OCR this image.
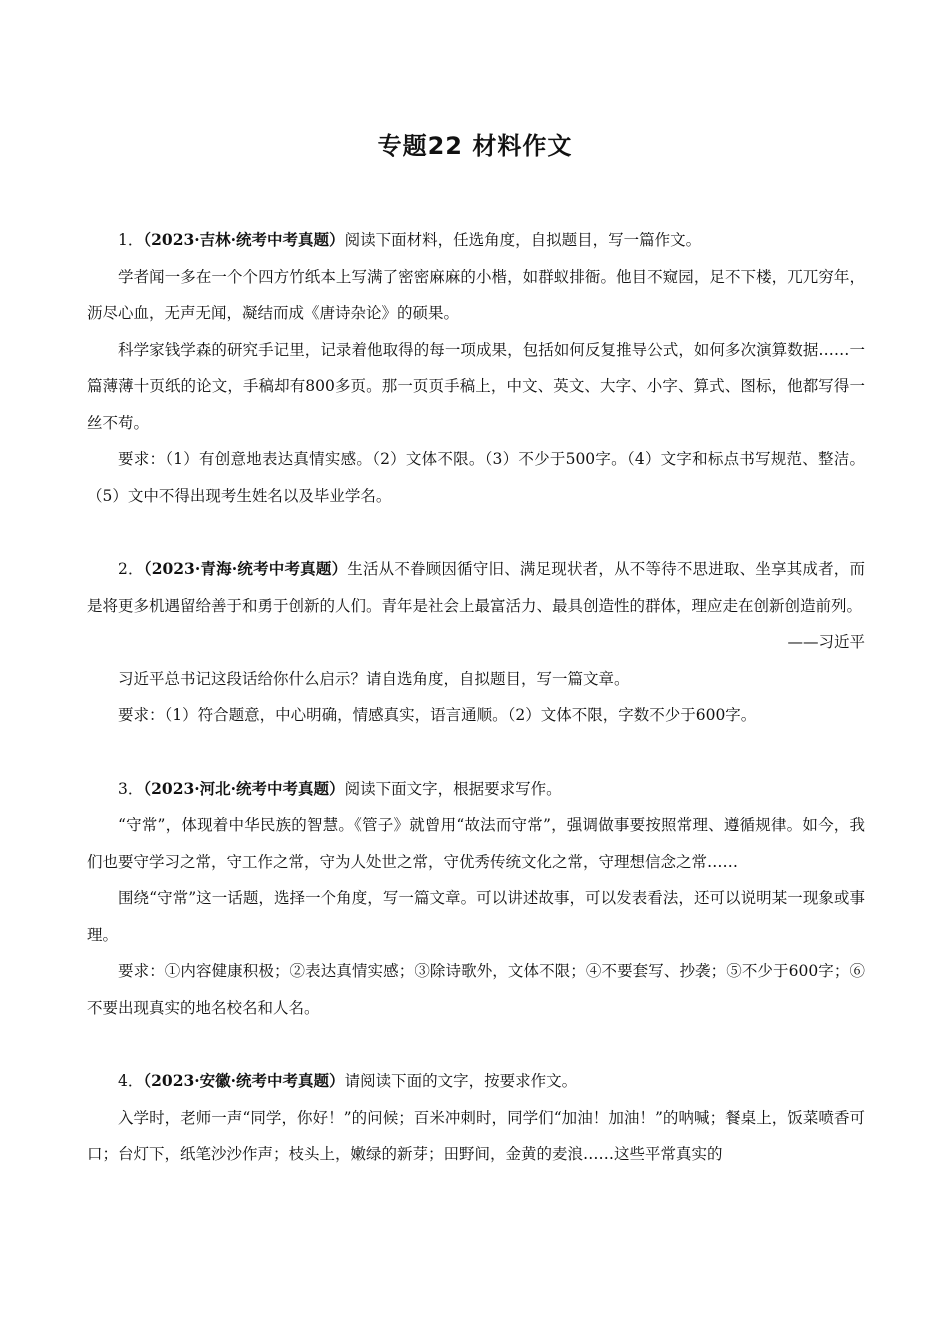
专题22 材料作文

1．（2023·吉林·统考中考真题）阅读下面材料，任选角度，自拟题目，写一篇作文。

学者闻一多在一个个四方竹纸本上写满了密密麻麻的小楷，如群蚁排衙。他目不窥园，足不下楼，兀兀穷年，沥尽心血，无声无闻，凝结而成《唐诗杂论》的硕果。

科学家钱学森的研究手记里，记录着他取得的每一项成果，包括如何反复推导公式，如何多次演算数据……一篇薄薄十页纸的论文，手稿却有800多页。那一页页手稿上，中文、英文、大字、小字、算式、图标，他都写得一丝不苟。

要求：（1）有创意地表达真情实感。（2）文体不限。（3）不少于500字。（4）文字和标点书写规范、整洁。（5）文中不得出现考生姓名以及毕业学名。

2．（2023·青海·统考中考真题）生活从不眷顾因循守旧、满足现状者，从不等待不思进取、坐享其成者，而是将更多机遇留给善于和勇于创新的人们。青年是社会上最富活力、最具创造性的群体，理应走在创新创造前列。

——习近平

习近平总书记这段话给你什么启示？请自选角度，自拟题目，写一篇文章。

要求：（1）符合题意，中心明确，情感真实，语言通顺。（2）文体不限，字数不少于600字。

3．（2023·河北·统考中考真题）阅读下面文字，根据要求写作。

“守常”，体现着中华民族的智慧。《管子》就曾用“故法而守常”，强调做事要按照常理、遵循规律。如今，我们也要守学习之常，守工作之常，守为人处世之常，守优秀传统文化之常，守理想信念之常……

围绕“守常”这一话题，选择一个角度，写一篇文章。可以讲述故事，可以发表看法，还可以说明某一现象或事理。

要求：①内容健康积极；②表达真情实感；③除诗歌外，文体不限；④不要套写、抄袭；⑤不少于600字；⑥不要出现真实的地名校名和人名。

4．（2023·安徽·统考中考真题）请阅读下面的文字，按要求作文。

入学时，老师一声“同学，你好！”的问候；百米冲刺时，同学们“加油！加油！”的呐喊；餐桌上，饭菜喷香可口；台灯下，纸笔沙沙作声；枝头上，嫩绿的新芽；田野间，金黄的麦浪……这些平常真实的
